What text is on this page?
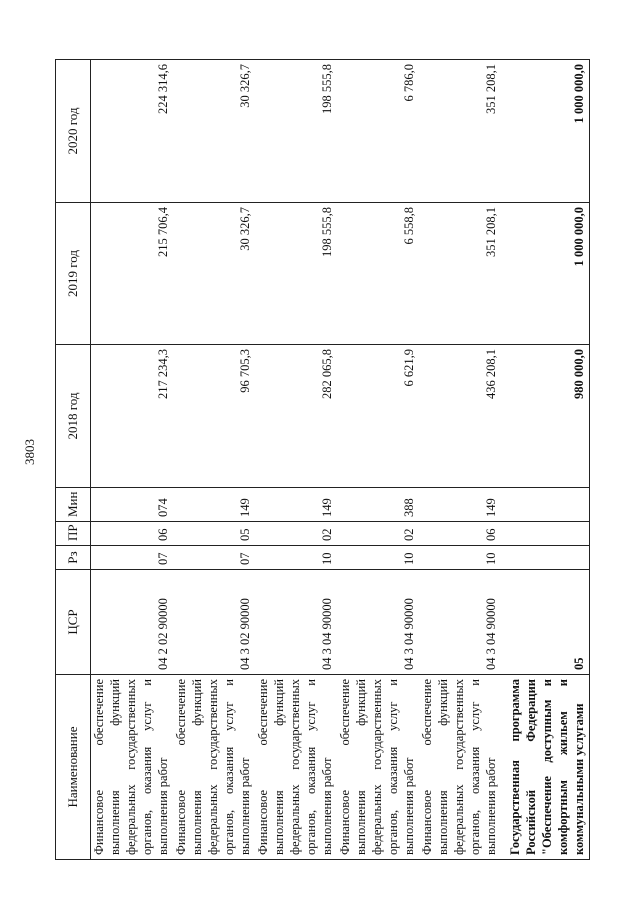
3803
Наименование	ЦСР	Рз	ПР	Мин	2018 год	2019 год	2020 год

Финансовое обеспечение выполнения функций федеральных государственных органов, оказания услуг и выполнения работ	04 2 02 90000	07	06	074	217 234,3	215 706,4	224 314,6

Финансовое обеспечение выполнения функций федеральных государственных органов, оказания услуг и выполнения работ	04 3 02 90000	07	05	149	96 705,3	30 326,7	30 326,7

Финансовое обеспечение выполнения функций федеральных государственных органов, оказания услуг и выполнения работ	04 3 04 90000	10	02	149	282 065,8	198 555,8	198 555,8

Финансовое обеспечение выполнения функций федеральных государственных органов, оказания услуг и выполнения работ	04 3 04 90000	10	02	388	6 621,9	6 558,8	6 786,0

Финансовое обеспечение выполнения функций федеральных государственных органов, оказания услуг и выполнения работ	04 3 04 90000	10	06	149	436 208,1	351 208,1	351 208,1

Государственная программа Российской Федерации "Обеспечение доступным и комфортным жильем и коммунальными услугами	05				980 000,0	1 000 000,0	1 000 000,0
